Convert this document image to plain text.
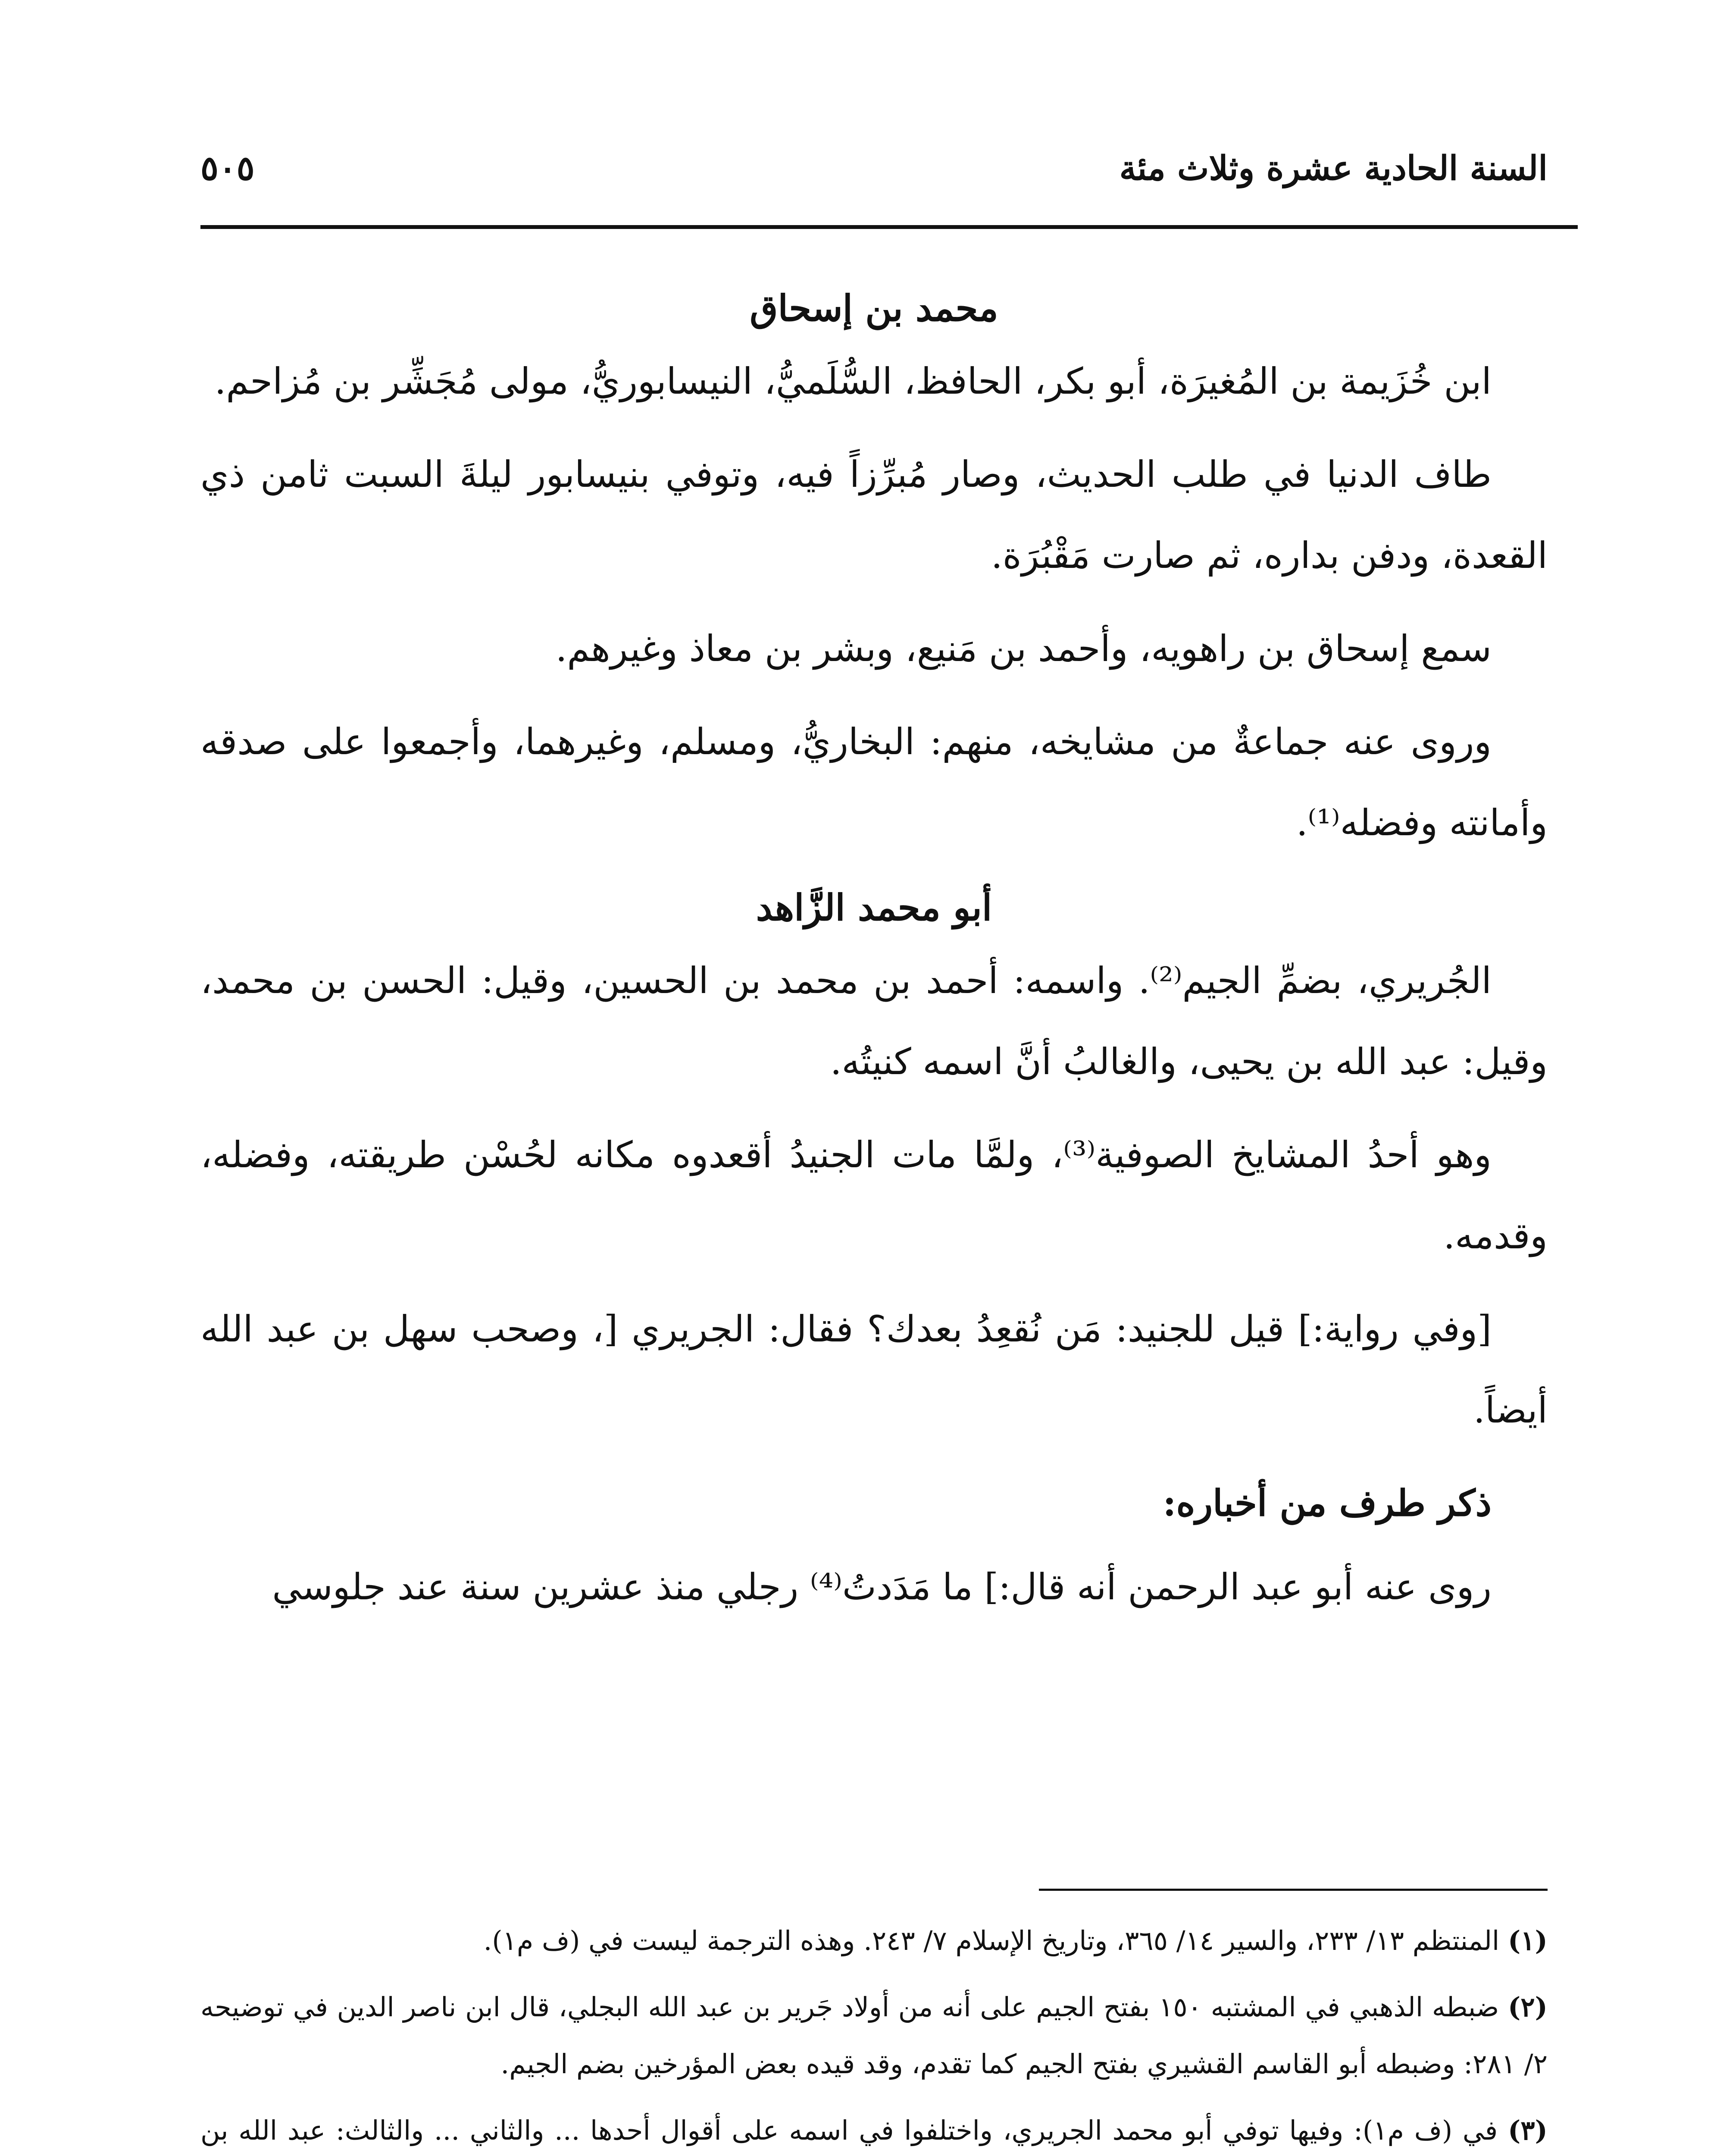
السنة الحادية عشرة وثلاث مئة
٥٠٥
محمد بن إسحاق

ابن خُزَيمة بن المُغيرَة، أبو بكر، الحافظ، السُّلَميُّ، النيسابوريُّ، مولى مُجَشِّر بن مُزاحم.

طاف الدنيا في طلب الحديث، وصار مُبرِّزاً فيه، وتوفي بنيسابور ليلةَ السبت ثامن ذي القعدة، ودفن بداره، ثم صارت مَقْبُرَة.

سمع إسحاق بن راهويه، وأحمد بن مَنيع، وبشر بن معاذ وغيرهم.

وروى عنه جماعةٌ من مشايخه، منهم: البخاريُّ، ومسلم، وغيرهما، وأجمعوا على صدقه وأمانته وفضله⁽¹⁾.

أبو محمد الزَّاهد

الجُريري، بضمِّ الجيم⁽²⁾. واسمه: أحمد بن محمد بن الحسين، وقيل: الحسن بن محمد، وقيل: عبد الله بن يحيى، والغالبُ أنَّ اسمه كنيتُه.

وهو أحدُ المشايخ الصوفية⁽³⁾، ولمَّا مات الجنيدُ أقعدوه مكانه لحُسْن طريقته، وفضله، وقدمه.

[وفي رواية:] قيل للجنيد: مَن نُقعِدُ بعدك؟ فقال: الجريري [، وصحب سهل بن عبد الله أيضاً.

ذكر طرف من أخباره:

روى عنه أبو عبد الرحمن أنه قال:] ما مَدَدتُ⁽⁴⁾ رجلي منذ عشرين سنة عند جلوسي

(١) المنتظم ١٣/ ٢٣٣، والسير ١٤/ ٣٦٥، وتاريخ الإسلام ٧/ ٢٤٣. وهذه الترجمة ليست في (ف م١).

(٢) ضبطه الذهبي في المشتبه ١٥٠ بفتح الجيم على أنه من أولاد جَرير بن عبد الله البجلي، قال ابن ناصر الدين في توضيحه ٢/ ٢٨١: وضبطه أبو القاسم القشيري بفتح الجيم كما تقدم، وقد قيده بعض المؤرخين بضم الجيم.

(٣) في (ف م١): وفيها توفي أبو محمد الجريري، واختلفوا في اسمه على أقوال أحدها ... والثاني ... والثالث: عبد الله بن
